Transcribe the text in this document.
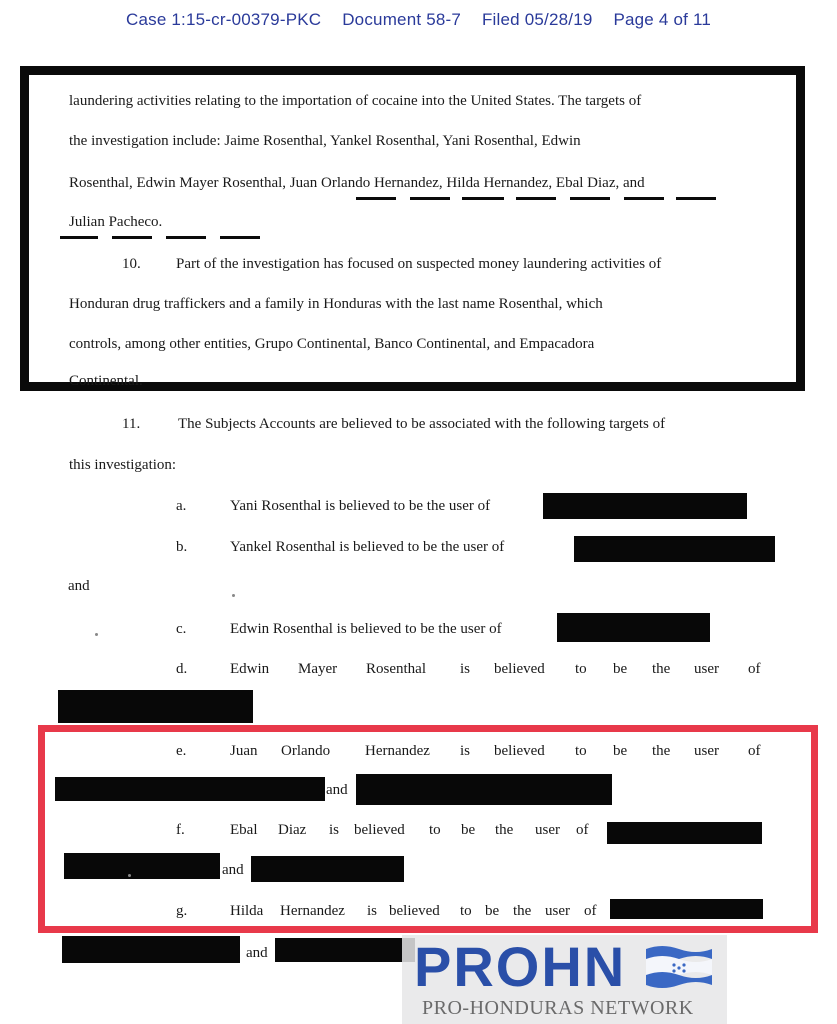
Case 1:15-cr-00379-PKC Document 58-7 Filed 05/28/19 Page 4 of 11
laundering activities relating to the importation of cocaine into the United States. The targets of
the investigation include: Jaime Rosenthal, Yankel Rosenthal, Yani Rosenthal, Edwin
Rosenthal, Edwin Mayer Rosenthal, Juan Orlando Hernandez, Hilda Hernandez, Ebal Diaz, and
Julian Pacheco.
10. Part of the investigation has focused on suspected money laundering activities of
Honduran drug traffickers and a family in Honduras with the last name Rosenthal, which
controls, among other entities, Grupo Continental, Banco Continental, and Empacadora
Continental.
11.	The Subjects Accounts are believed to be associated with the following targets of
this investigation:
a.	Yani Rosenthal is believed to be the user of
b.	Yankel Rosenthal is believed to be the user of
and
c.	Edwin Rosenthal is believed to be the user of
d.	Edwin Mayer Rosenthal is believed to be the user of
e.	Juan Orlando Hernandez is believed to be the user of
and
f.	Ebal Diaz is believed to be the user of
and
g.	Hilda Hernandez is believed to be the user of
and	PROHN
PRO-HONDURAS NETWORK
